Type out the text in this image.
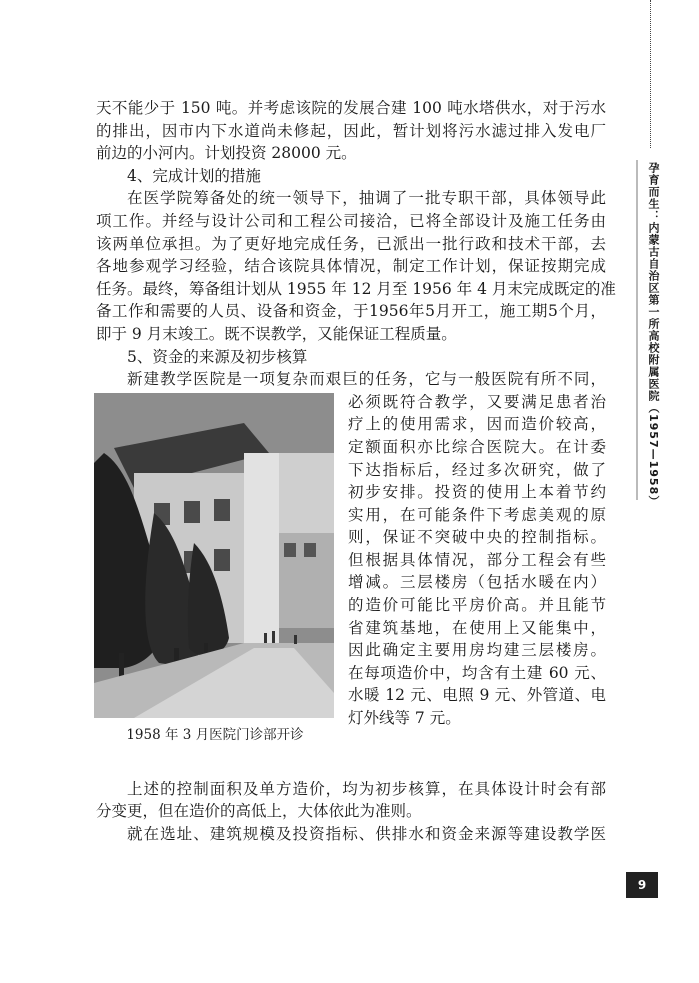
孕育而生：内蒙古自治区第一所高校附属医院（1957—1958）
9

天不能少于 150 吨。并考虑该院的发展合建 100 吨水塔供水，对于污水
的排出，因市内下水道尚未修起，因此，暂计划将污水滤过排入发电厂
前边的小河内。计划投资 28000 元。

4、完成计划的措施

在医学院筹备处的统一领导下，抽调了一批专职干部，具体领导此
项工作。并经与设计公司和工程公司接洽，已将全部设计及施工任务由
该两单位承担。为了更好地完成任务，已派出一批行政和技术干部，去
各地参观学习经验，结合该院具体情况，制定工作计划，保证按期完成
任务。最终，筹备组计划从 1955 年 12 月至 1956 年 4 月末完成既定的准
备工作和需要的人员、设备和资金，于1956年5月开工，施工期5个月，
即于 9 月末竣工。既不误教学，又能保证工程质量。

5、资金的来源及初步核算

新建教学医院是一项复杂而艰巨的任务，它与一般医院有所不同，

1958 年 3 月医院门诊部开诊

必须既符合教学，又要满足患者治
疗上的使用需求，因而造价较高，
定额面积亦比综合医院大。在计委
下达指标后，经过多次研究，做了
初步安排。投资的使用上本着节约
实用，在可能条件下考虑美观的原
则，保证不突破中央的控制指标。
但根据具体情况，部分工程会有些
增减。三层楼房（包括水暖在内）
的造价可能比平房价高。并且能节
省建筑基地，在使用上又能集中，
因此确定主要用房均建三层楼房。
在每项造价中，均含有土建 60 元、
水暖 12 元、电照 9 元、外管道、电
灯外线等 7 元。

上述的控制面积及单方造价，均为初步核算，在具体设计时会有部
分变更，但在造价的高低上，大体依此为准则。

就在选址、建筑规模及投资指标、供排水和资金来源等建设教学医
